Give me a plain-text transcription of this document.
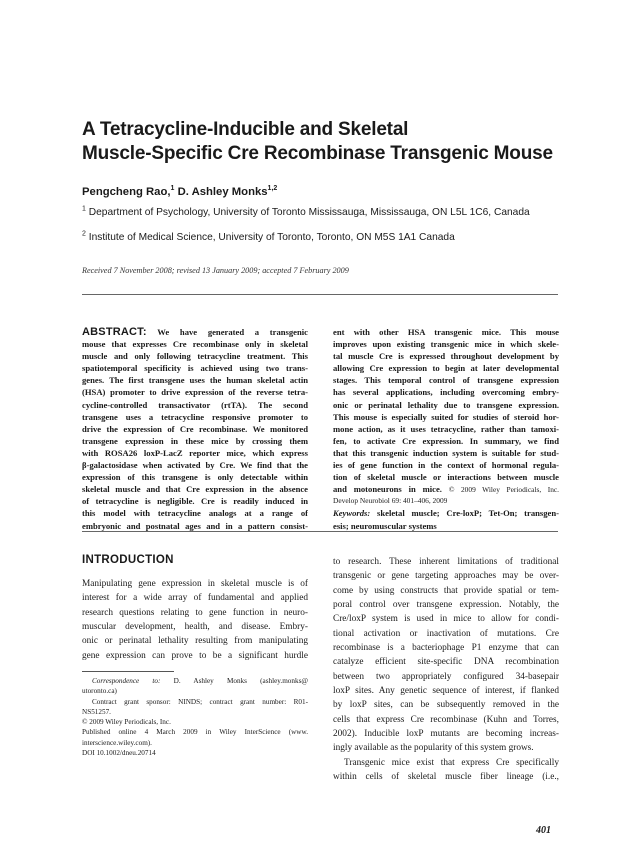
A Tetracycline-Inducible and Skeletal
Muscle-Specific Cre Recombinase Transgenic Mouse
Pengcheng Rao,$^1$ D. Ashley Monks$^{1,2}$
$^1$ Department of Psychology, University of Toronto Mississauga, Mississauga, ON L5L 1C6, Canada
$^2$ Institute of Medical Science, University of Toronto, Toronto, ON M5S 1A1 Canada
Received 7 November 2008; revised 13 January 2009; accepted 7 February 2009
ABSTRACT: We have generated a transgenic
mouse that expresses Cre recombinase only in skeletal
muscle and only following tetracycline treatment. This
spatiotemporal specificity is achieved using two trans-
genes. The first transgene uses the human skeletal actin
(HSA) promoter to drive expression of the reverse tetra-
cycline-controlled transactivator (rtTA). The second
transgene uses a tetracycline responsive promoter to
drive the expression of Cre recombinase. We monitored
transgene expression in these mice by crossing them
with ROSA26 loxP-LacZ reporter mice, which express
β-galactosidase when activated by Cre. We find that the
expression of this transgene is only detectable within
skeletal muscle and that Cre expression in the absence
of tetracycline is negligible. Cre is readily induced in
this model with tetracycline analogs at a range of
embryonic and postnatal ages and in a pattern consist-
ent with other HSA transgenic mice. This mouse
improves upon existing transgenic mice in which skele-
tal muscle Cre is expressed throughout development by
allowing Cre expression to begin at later developmental
stages. This temporal control of transgene expression
has several applications, including overcoming embry-
onic or perinatal lethality due to transgene expression.
This mouse is especially suited for studies of steroid hor-
mone action, as it uses tetracycline, rather than tamoxi-
fen, to activate Cre expression. In summary, we find
that this transgenic induction system is suitable for stud-
ies of gene function in the context of hormonal regula-
tion of skeletal muscle or interactions between muscle
and motoneurons in mice. © 2009 Wiley Periodicals, Inc.
Develop Neurobiol 69: 401–406, 2009
Keywords: skeletal muscle; Cre-loxP; Tet-On; transgen-
esis; neuromuscular systems
INTRODUCTION
Manipulating gene expression in skeletal muscle is of
interest for a wide array of fundamental and applied
research questions relating to gene function in neuro-
muscular development, health, and disease. Embry-
onic or perinatal lethality resulting from manipulating
gene expression can prove to be a significant hurdle
to research. These inherent limitations of traditional
transgenic or gene targeting approaches may be over-
come by using constructs that provide spatial or tem-
poral control over transgene expression. Notably, the
Cre/loxP system is used in mice to allow for condi-
tional activation or inactivation of mutations. Cre
recombinase is a bacteriophage P1 enzyme that can
catalyze efficient site-specific DNA recombination
between two appropriately configured 34-basepair
loxP sites. Any genetic sequence of interest, if flanked
by loxP sites, can be subsequently removed in the
cells that express Cre recombinase (Kuhn and Torres,
2002). Inducible loxP mutants are becoming increas-
ingly available as the popularity of this system grows.
Transgenic mice exist that express Cre specifically
within cells of skeletal muscle fiber lineage (i.e.,
Correspondence to: D. Ashley Monks (ashley.monks@
utoronto.ca)
Contract grant sponsor: NINDS; contract grant number: R01-
NS51257.
© 2009 Wiley Periodicals, Inc.
Published online 4 March 2009 in Wiley InterScience (www.
interscience.wiley.com).
DOI 10.1002/dneu.20714
401
